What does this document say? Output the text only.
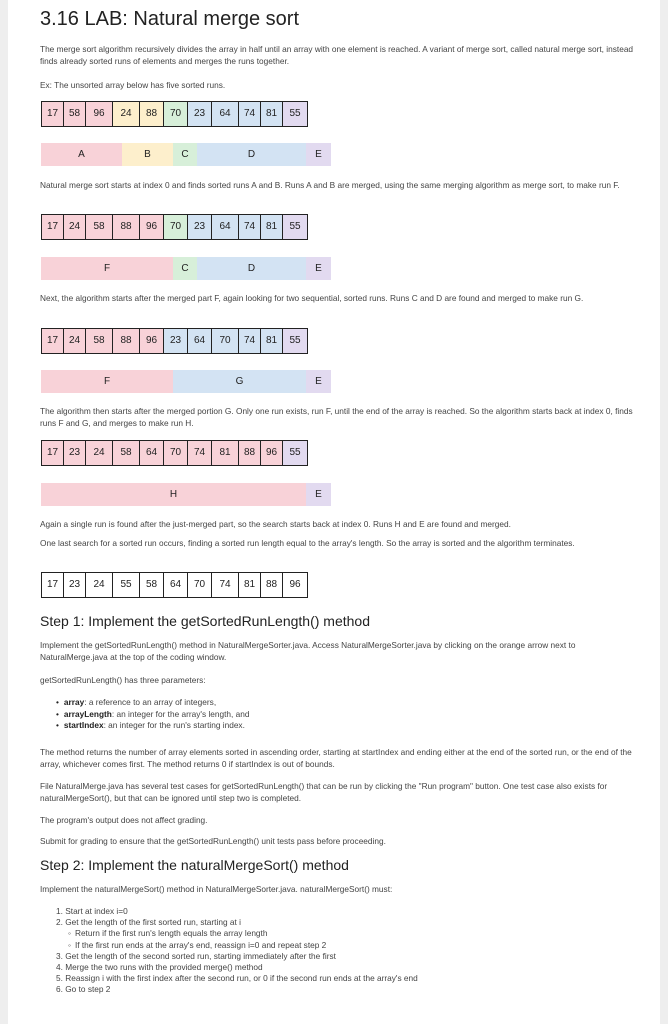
3.16 LAB: Natural merge sort

The merge sort algorithm recursively divides the array in half until an array with one element is reached. A variant of merge sort, called natural merge sort, instead finds already sorted runs of elements and merges the runs together.

Ex: The unsorted array below has five sorted runs.

17	58	96	24	88	70	23	64	74	81	55
A	B	C	D	E

Natural merge sort starts at index 0 and finds sorted runs A and B. Runs A and B are merged, using the same merging algorithm as merge sort, to make run F.

17	24	58	88	96	70	23	64	74	81	55
F	C	D	E

Next, the algorithm starts after the merged part F, again looking for two sequential, sorted runs. Runs C and D are found and merged to make run G.

17	24	58	88	96	23	64	70	74	81	55
F	G	E

The algorithm then starts after the merged portion G. Only one run exists, run F, until the end of the array is reached. So the algorithm starts back at index 0, finds runs F and G, and merges to make run H.

17	23	24	58	64	70	74	81	88	96	55
H	E

Again a single run is found after the just-merged part, so the search starts back at index 0. Runs H and E are found and merged.

One last search for a sorted run occurs, finding a sorted run length equal to the array's length. So the array is sorted and the algorithm terminates.

17	23	24	55	58	64	70	74	81	88	96
Step 1: Implement the getSortedRunLength() method

Implement the getSortedRunLength() method in NaturalMergeSorter.java. Access NaturalMergeSorter.java by clicking on the orange arrow next to NaturalMerge.java at the top of the coding window.

getSortedRunLength() has three parameters:

• array: a reference to an array of integers,
• arrayLength: an integer for the array's length, and
• startIndex: an integer for the run's starting index.

The method returns the number of array elements sorted in ascending order, starting at startIndex and ending either at the end of the sorted run, or the end of the array, whichever comes first. The method returns 0 if startIndex is out of bounds.

File NaturalMerge.java has several test cases for getSortedRunLength() that can be run by clicking the "Run program" button. One test case also exists for naturalMergeSort(), but that can be ignored until step two is completed.

The program's output does not affect grading.

Submit for grading to ensure that the getSortedRunLength() unit tests pass before proceeding.

Step 2: Implement the naturalMergeSort() method

Implement the naturalMergeSort() method in NaturalMergeSorter.java. naturalMergeSort() must:

1. Start at index i=0
2. Get the length of the first sorted run, starting at i
◦ Return if the first run's length equals the array length
◦ If the first run ends at the array's end, reassign i=0 and repeat step 2
3. Get the length of the second sorted run, starting immediately after the first
4. Merge the two runs with the provided merge() method
5. Reassign i with the first index after the second run, or 0 if the second run ends at the array's end
6. Go to step 2
